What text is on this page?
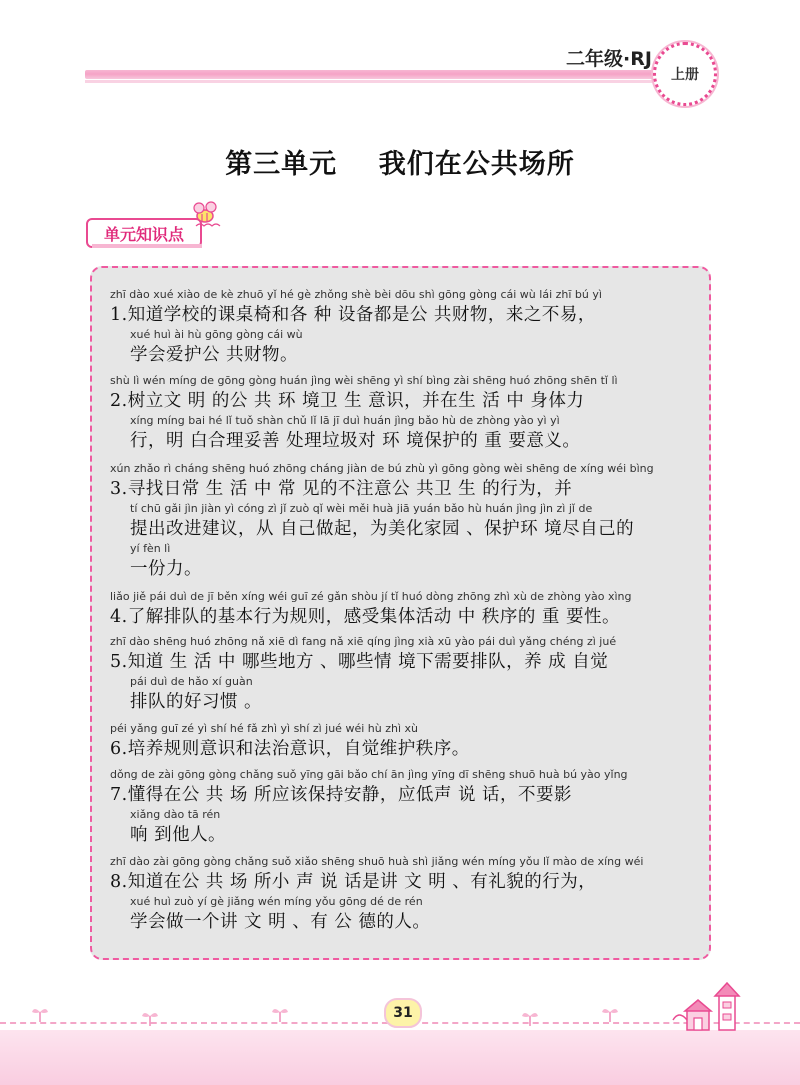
二年级·RJ
上册
第三单元    我们在公共场所
单元知识点
zhī dào xué xiào de kè zhuō yǐ hé gè zhǒng shè bèi dōu shì gōng gòng cái wù lái zhī bú yì
1.知道学校的课桌椅和各 种 设备都是公 共财物，来之不易，
xué huì ài hù gōng gòng cái wù
学会爱护公 共财物。
shù lì wén míng de gōng gòng huán jìng wèi shēng yì shí bìng zài shēng huó zhōng shēn tǐ lì
2.树立文 明 的公 共 环 境卫 生 意识，并在生 活 中 身体力
xíng míng bai hé lǐ tuǒ shàn chǔ lǐ lā jī duì huán jìng bǎo hù de zhòng yào yì yì
行，明 白合理妥善 处理垃圾对 环 境保护的 重 要意义。
xún zhǎo rì cháng shēng huó zhōng cháng jiàn de bú zhù yì gōng gòng wèi shēng de xíng wéi bìng
3.寻找日常 生 活 中 常 见的不注意公 共卫 生 的行为，并
tí chū gǎi jìn jiàn yì cóng zì jǐ zuò qǐ wèi měi huà jiā yuán bǎo hù huán jìng jìn zì jǐ de
提出改进建议，从 自己做起，为美化家园 、保护环 境尽自己的
yí fèn lì
一份力。
liǎo jiě pái duì de jī běn xíng wéi guī zé gǎn shòu jí tǐ huó dòng zhōng zhì xù de zhòng yào xìng
4.了解排队的基本行为规则，感受集体活动 中 秩序的 重 要性。
zhī dào shēng huó zhōng nǎ xiē dì fang nǎ xiē qíng jìng xià xū yào pái duì yǎng chéng zì jué
5.知道 生 活 中 哪些地方 、哪些情 境下需要排队，养 成 自觉
pái duì de hǎo xí guàn
排队的好习惯 。
péi yǎng guī zé yì shí hé fǎ zhì yì shí zì jué wéi hù zhì xù
6.培养规则意识和法治意识，自觉维护秩序。
dǒng de zài gōng gòng chǎng suǒ yīng gāi bǎo chí ān jìng yīng dī shēng shuō huà bú yào yǐng
7.懂得在公 共 场 所应该保持安静，应低声 说 话，不要影
xiǎng dào tā rén
响 到他人。
zhī dào zài gōng gòng chǎng suǒ xiǎo shēng shuō huà shì jiǎng wén míng yǒu lǐ mào de xíng wéi
8.知道在公 共 场 所小 声 说 话是讲 文 明 、有礼貌的行为，
xué huì zuò yí gè jiǎng wén míng yǒu gōng dé de rén
学会做一个讲 文 明 、有 公 德的人。
31
